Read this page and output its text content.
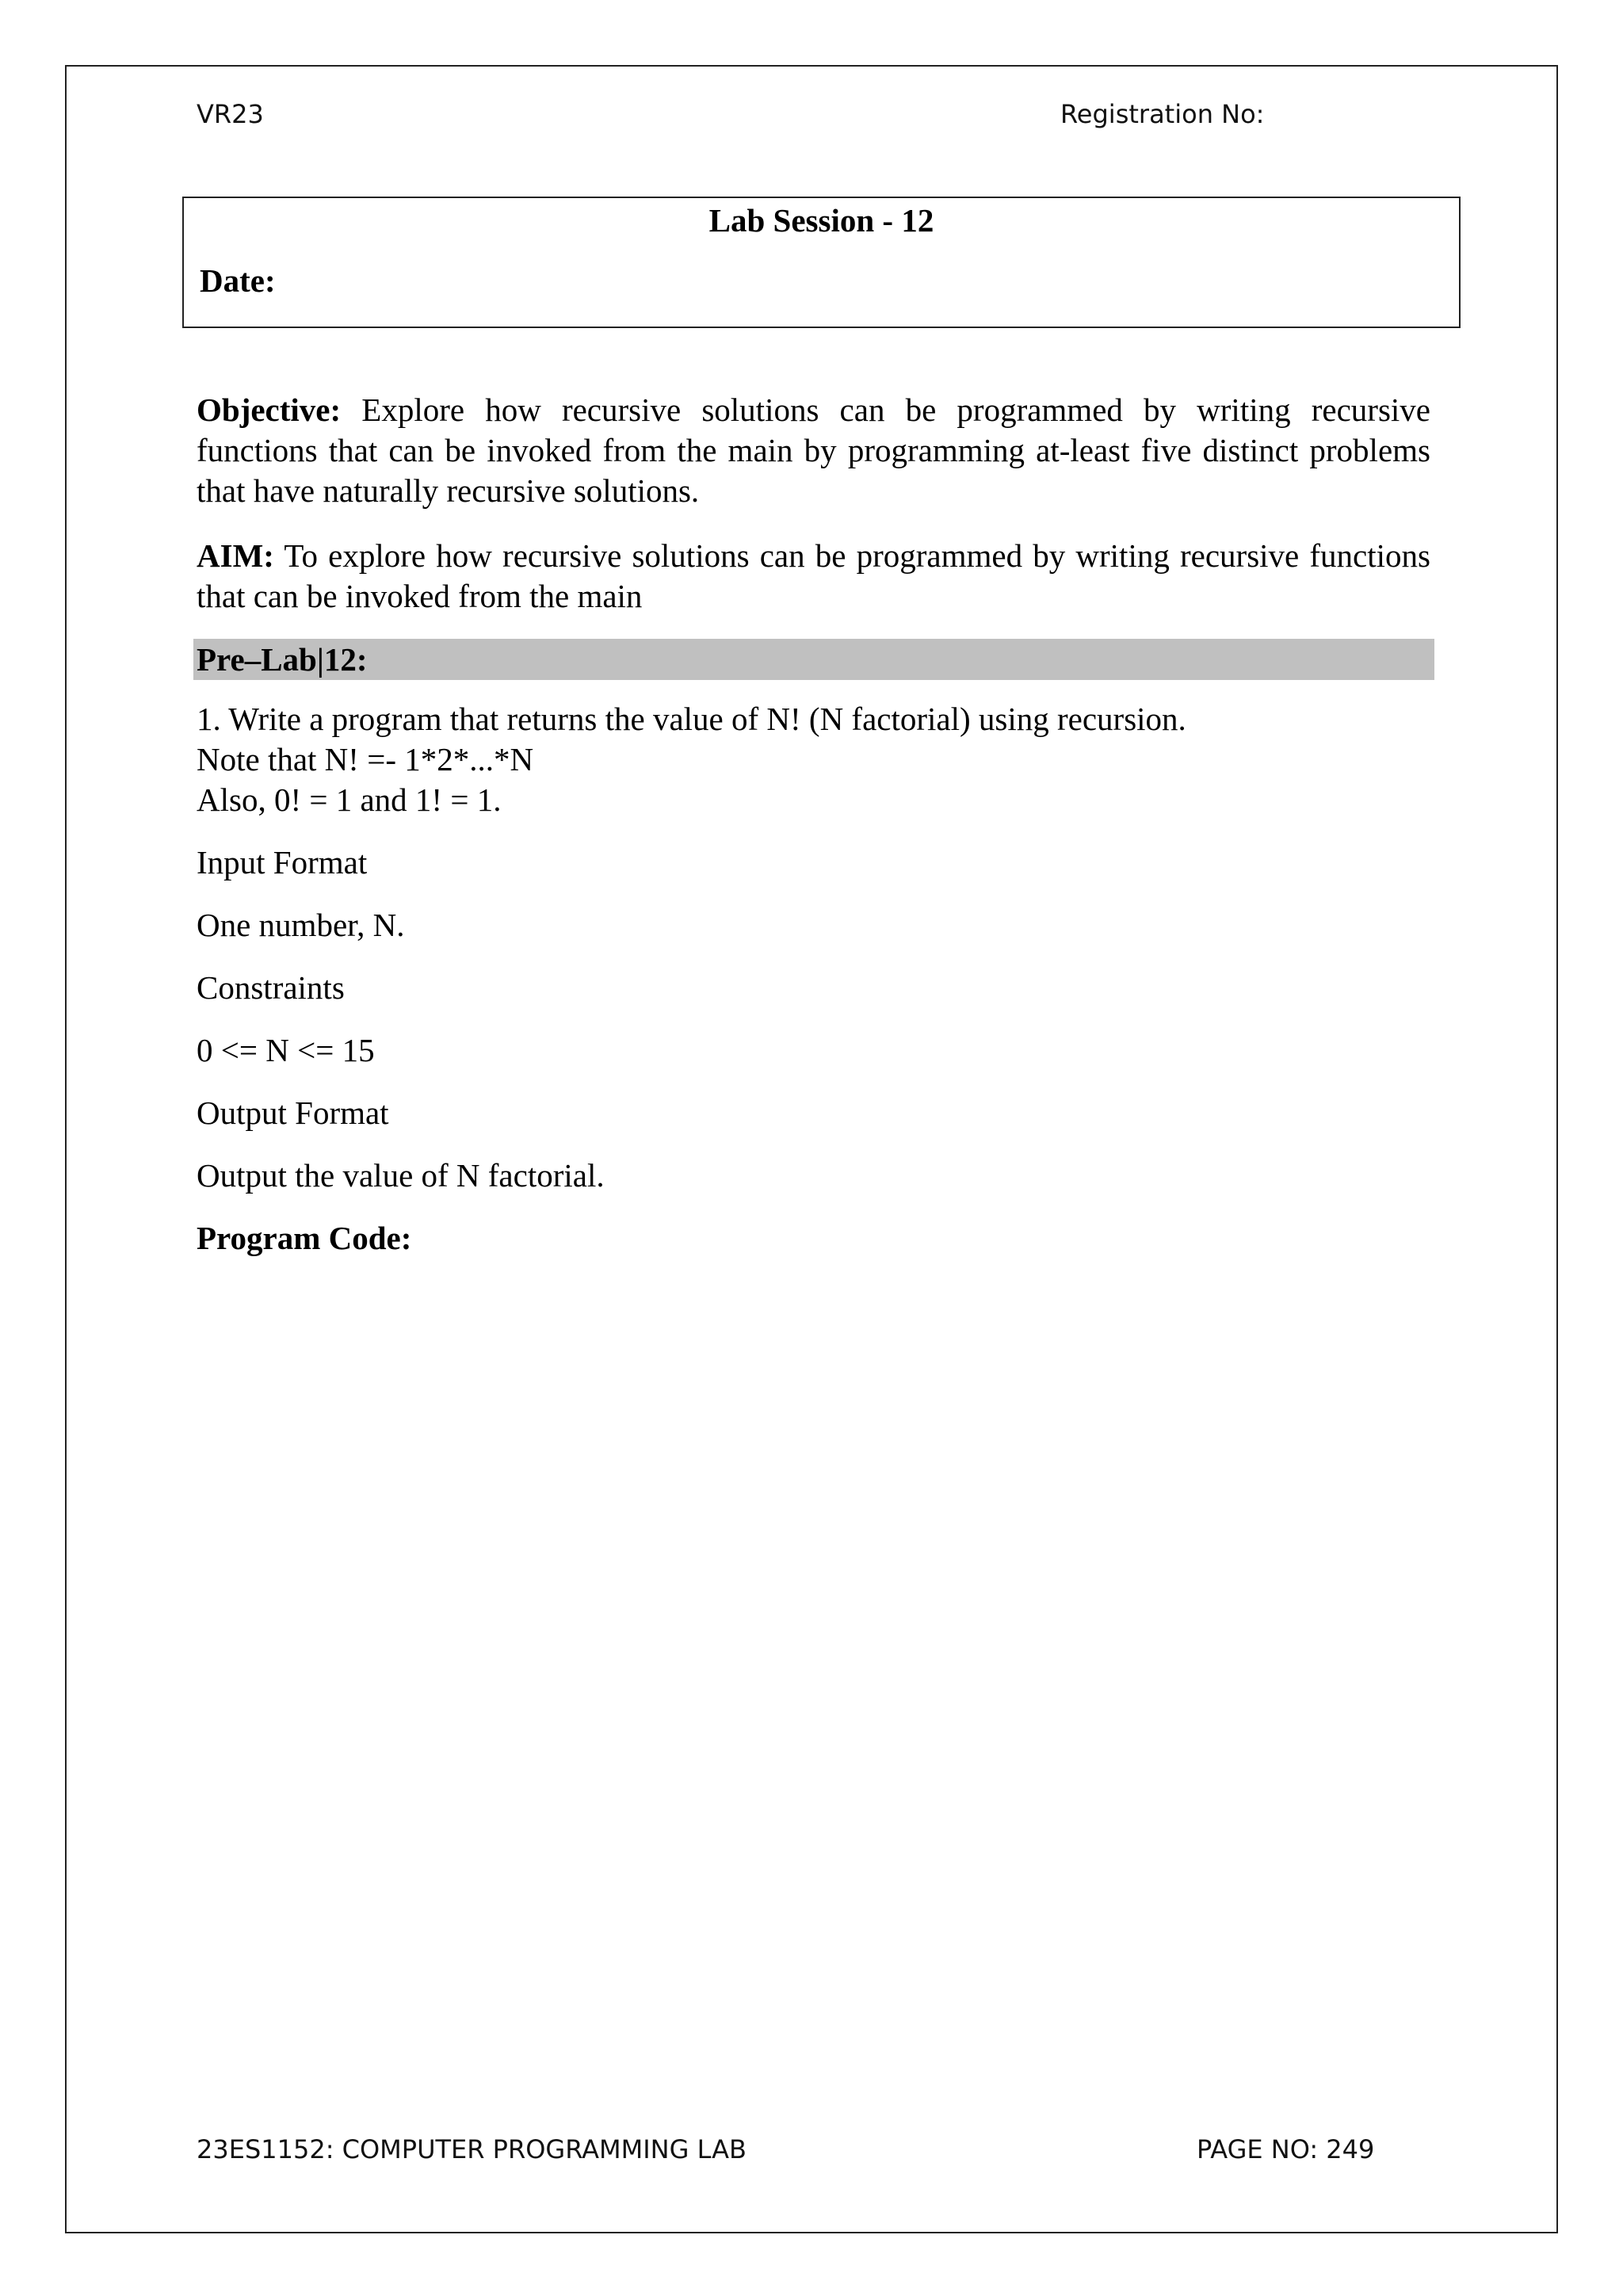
VR23	Registration No:
Lab Session - 12
Date:

Objective: Explore how recursive solutions can be programmed by writing recursive functions that can be invoked from the main by programming at-least five distinct problems that have naturally recursive solutions.

AIM: To explore how recursive solutions can be programmed by writing recursive functions that can be invoked from the main

Pre–Lab|12:
1. Write a program that returns the value of N! (N factorial) using recursion.
Note that N! =- 1*2*...*N
Also, 0! = 1 and 1! = 1.
Input Format
One number, N.
Constraints
0 <= N <= 15
Output Format
Output the value of N factorial.
Program Code:
23ES1152: COMPUTER PROGRAMMING LAB	PAGE NO: 249
